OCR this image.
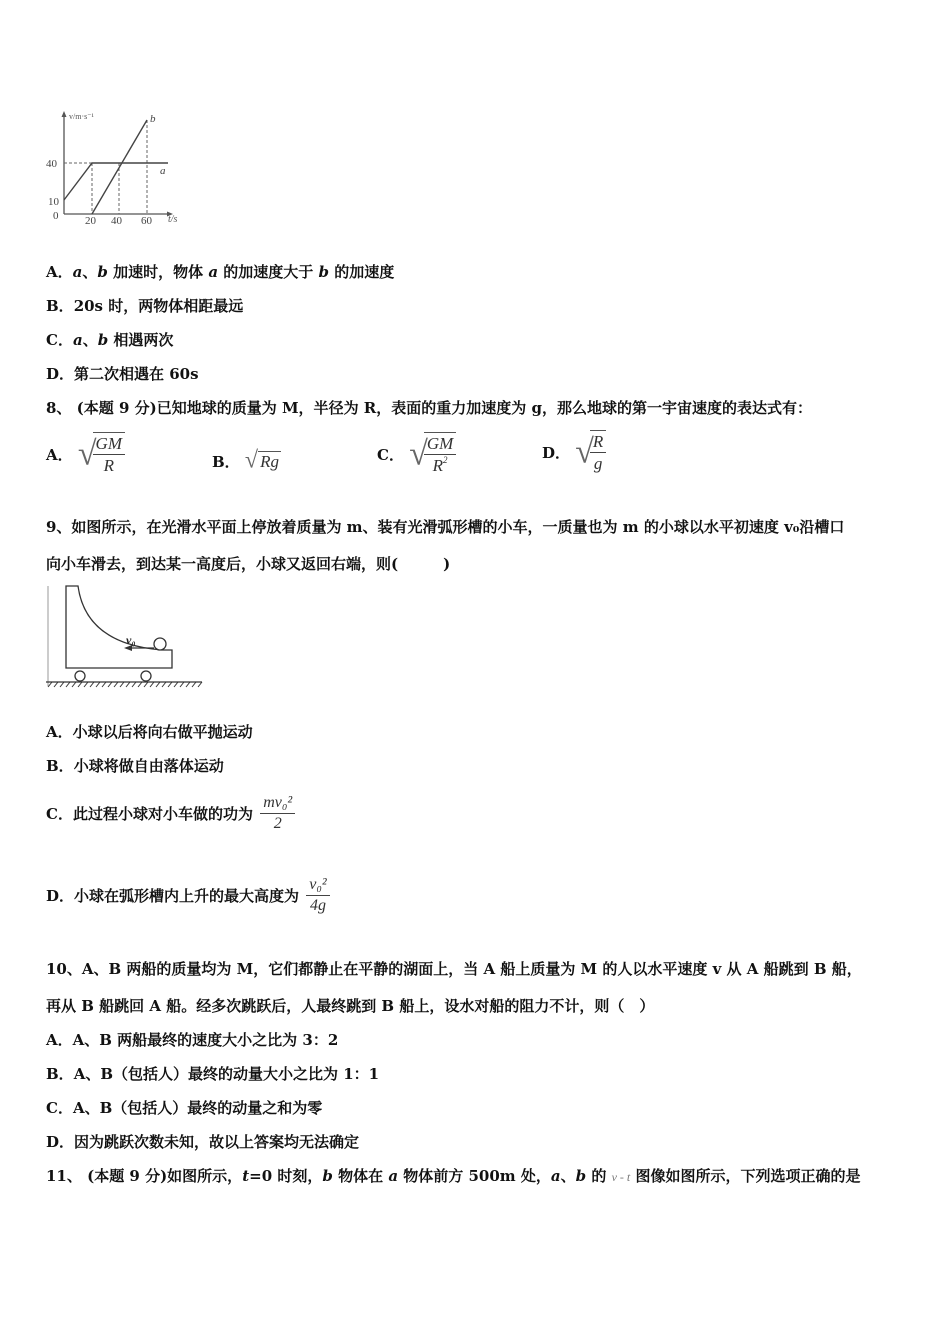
v/m·s⁻¹
t/s
40
10
0 20 40 60
a
b
A．a、b 加速时，物体 a 的加速度大于 b 的加速度
B．20s 时，两物体相距最远
C．a、b 相遇两次
D．第二次相遇在 60s
8、 (本题 9 分)已知地球的质量为 M，半径为 R，表面的重力加速度为 g，那么地球的第一宇宙速度的表达式有：
A． √
$\frac{GM}{R}$	B． √ Rg	C． √
$\frac{GM}{R^2}$	D． √
$\frac{R}{g}$
9、如图所示，在光滑水平面上停放着质量为 m、装有光滑弧形槽的小车，一质量也为 m 的小球以水平初速度 v₀沿槽口
向小车滑去，到达某一高度后，小球又返回右端，则(　　　)
v₀
A．小球以后将向右做平抛运动
B．小球将做自由落体运动
C．此过程小球对小车做的功为 $\frac{\text{mv₀²}}{2}$
D．小球在弧形槽内上升的最大高度为 $\frac{\text{v₀²}}{4g}$
10、A、B 两船的质量均为 M，它们都静止在平静的湖面上，当 A 船上质量为 M 的人以水平速度 v 从 A 船跳到 B 船，
再从 B 船跳回 A 船。经多次跳跃后，人最终跳到 B 船上，设水对船的阻力不计，则（　）
A．A、B 两船最终的速度大小之比为 3：2
B．A、B（包括人）最终的动量大小之比为 1：1
C．A、B（包括人）最终的动量之和为零
D．因为跳跃次数未知，故以上答案均无法确定
11、 (本题 9 分)如图所示，t=0 时刻，b 物体在 a 物体前方 500m 处，a、b 的 v - t 图像如图所示，下列选项正确的是
